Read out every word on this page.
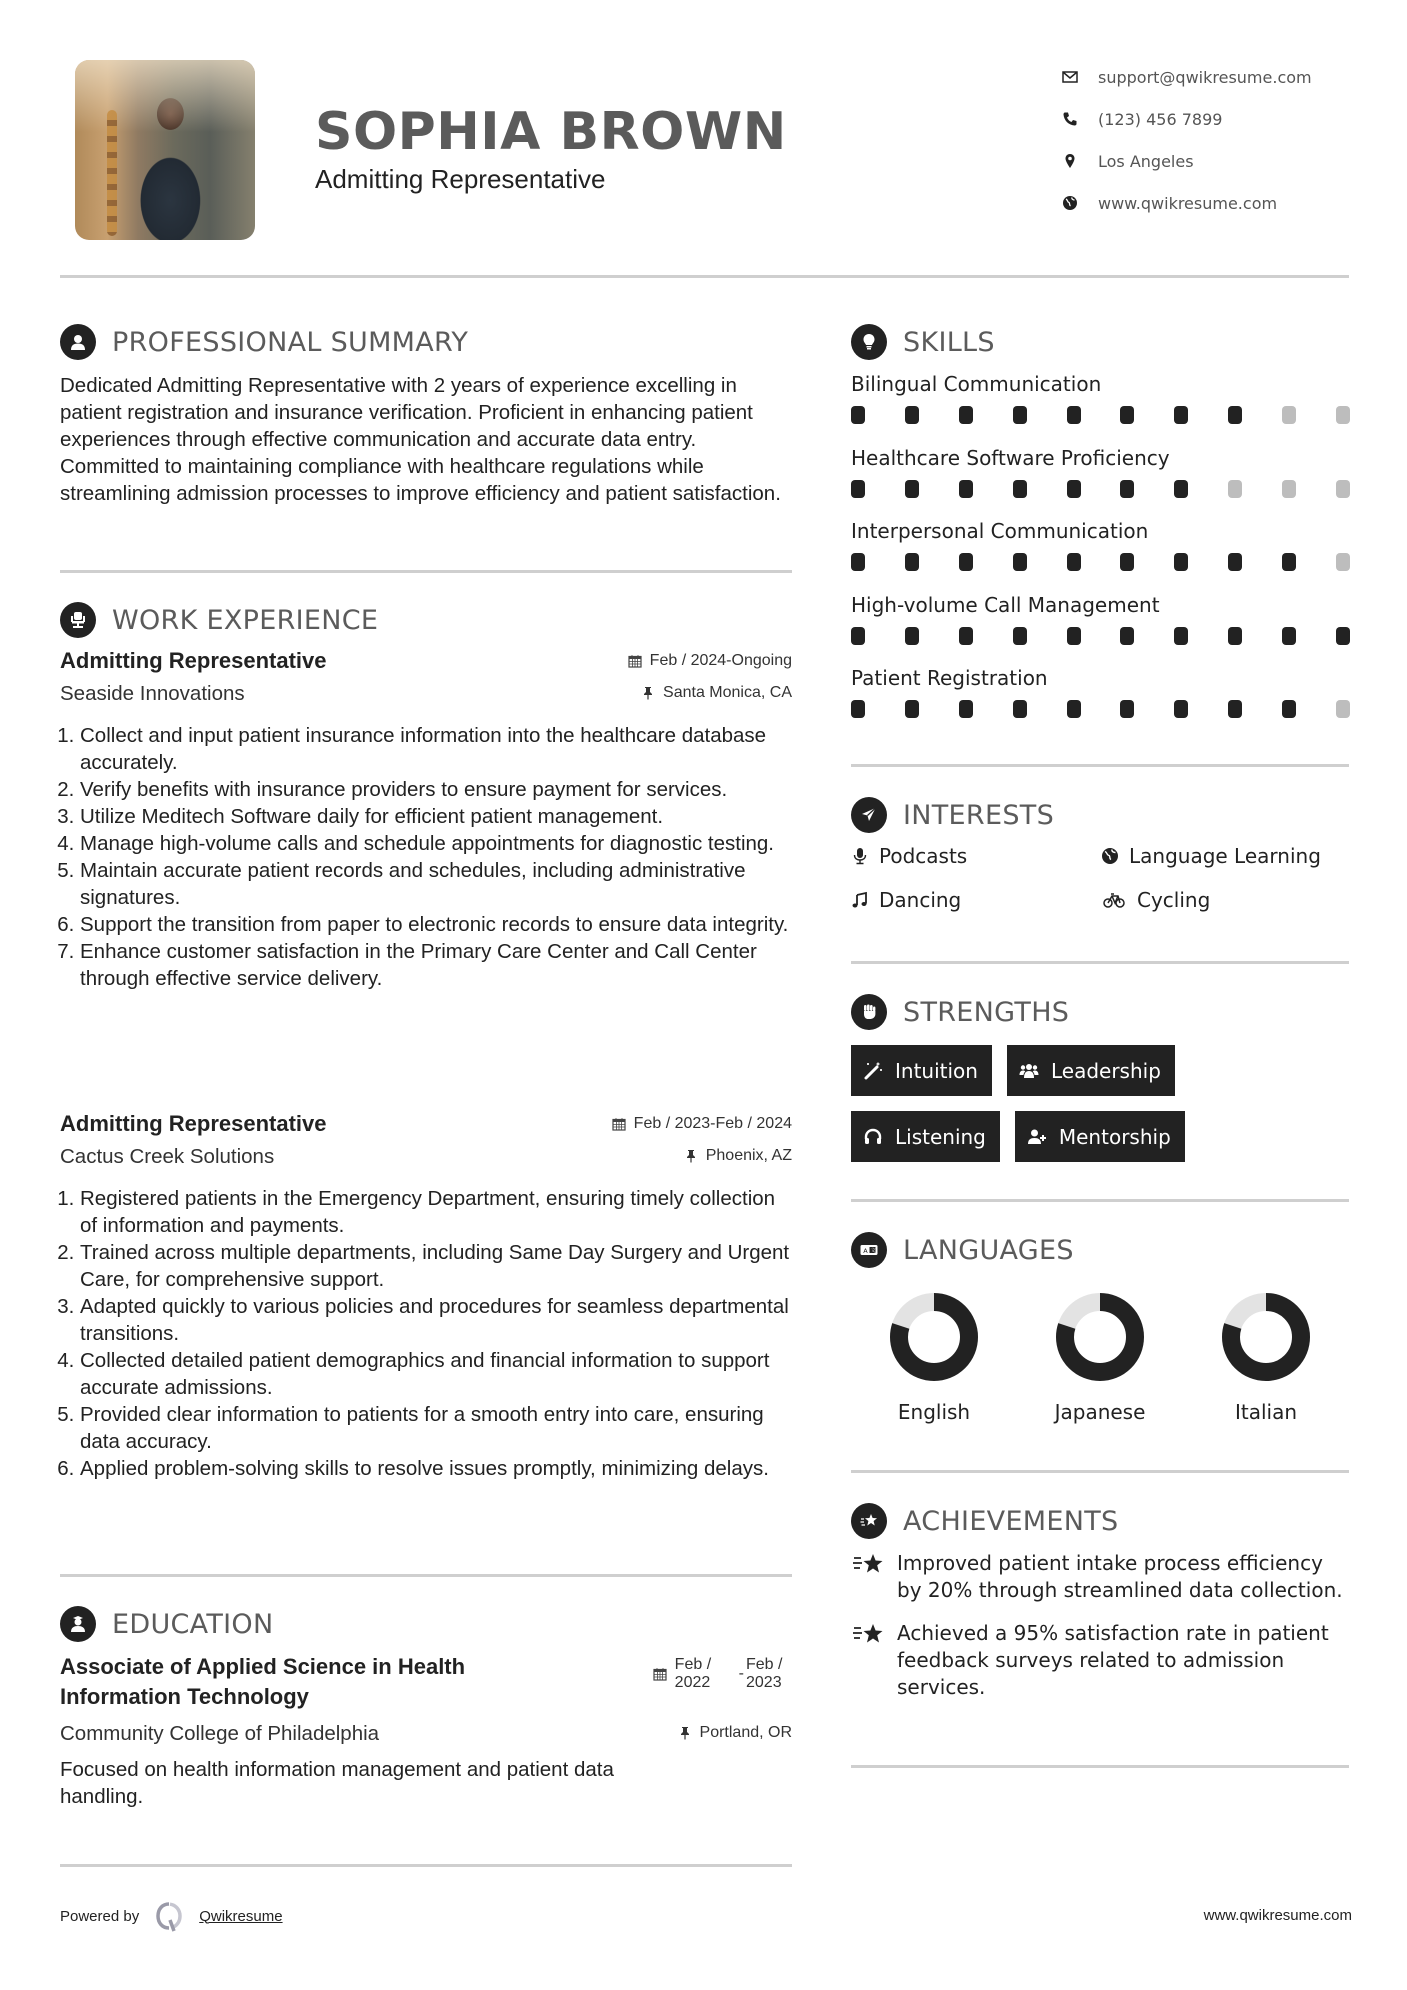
SOPHIA BROWN
Admitting Representative
support@qwikresume.com
(123) 456 7899
Los Angeles
www.qwikresume.com
PROFESSIONAL SUMMARY
Dedicated Admitting Representative with 2 years of experience excelling in patient registration and insurance verification. Proficient in enhancing patient experiences through effective communication and accurate data entry. Committed to maintaining compliance with healthcare regulations while streamlining admission processes to improve efficiency and patient satisfaction.
WORK EXPERIENCE
Admitting Representative	Feb / 2024-Ongoing
Seaside Innovations	Santa Monica, CA
1. Collect and input patient insurance information into the healthcare database accurately.
2. Verify benefits with insurance providers to ensure payment for services.
3. Utilize Meditech Software daily for efficient patient management.
4. Manage high-volume calls and schedule appointments for diagnostic testing.
5. Maintain accurate patient records and schedules, including administrative signatures.
6. Support the transition from paper to electronic records to ensure data integrity.
7. Enhance customer satisfaction in the Primary Care Center and Call Center through effective service delivery.
Admitting Representative	Feb / 2023-Feb / 2024
Cactus Creek Solutions	Phoenix, AZ
1. Registered patients in the Emergency Department, ensuring timely collection of information and payments.
2. Trained across multiple departments, including Same Day Surgery and Urgent Care, for comprehensive support.
3. Adapted quickly to various policies and procedures for seamless departmental transitions.
4. Collected detailed patient demographics and financial information to support accurate admissions.
5. Provided clear information to patients for a smooth entry into care, ensuring data accuracy.
6. Applied problem-solving skills to resolve issues promptly, minimizing delays.
EDUCATION
Associate of Applied Science in Health Information Technology
Feb / 2022
-
Feb / 2023
Community College of Philadelphia	Portland, OR
Focused on health information management and patient data handling.
SKILLS
Bilingual Communication
Healthcare Software Proficiency
Interpersonal Communication
High-volume Call Management
Patient Registration
INTERESTS
Podcasts	Language Learning
Dancing	Cycling
STRENGTHS
Intuition	Leadership
Listening	Mentorship
A 文 LANGUAGES
English	Japanese	Italian
ACHIEVEMENTS
Improved patient intake process efficiency by 20% through streamlined data collection.
Achieved a 95% satisfaction rate in patient feedback surveys related to admission services.
Powered by	Qwikresume	www.qwikresume.com
